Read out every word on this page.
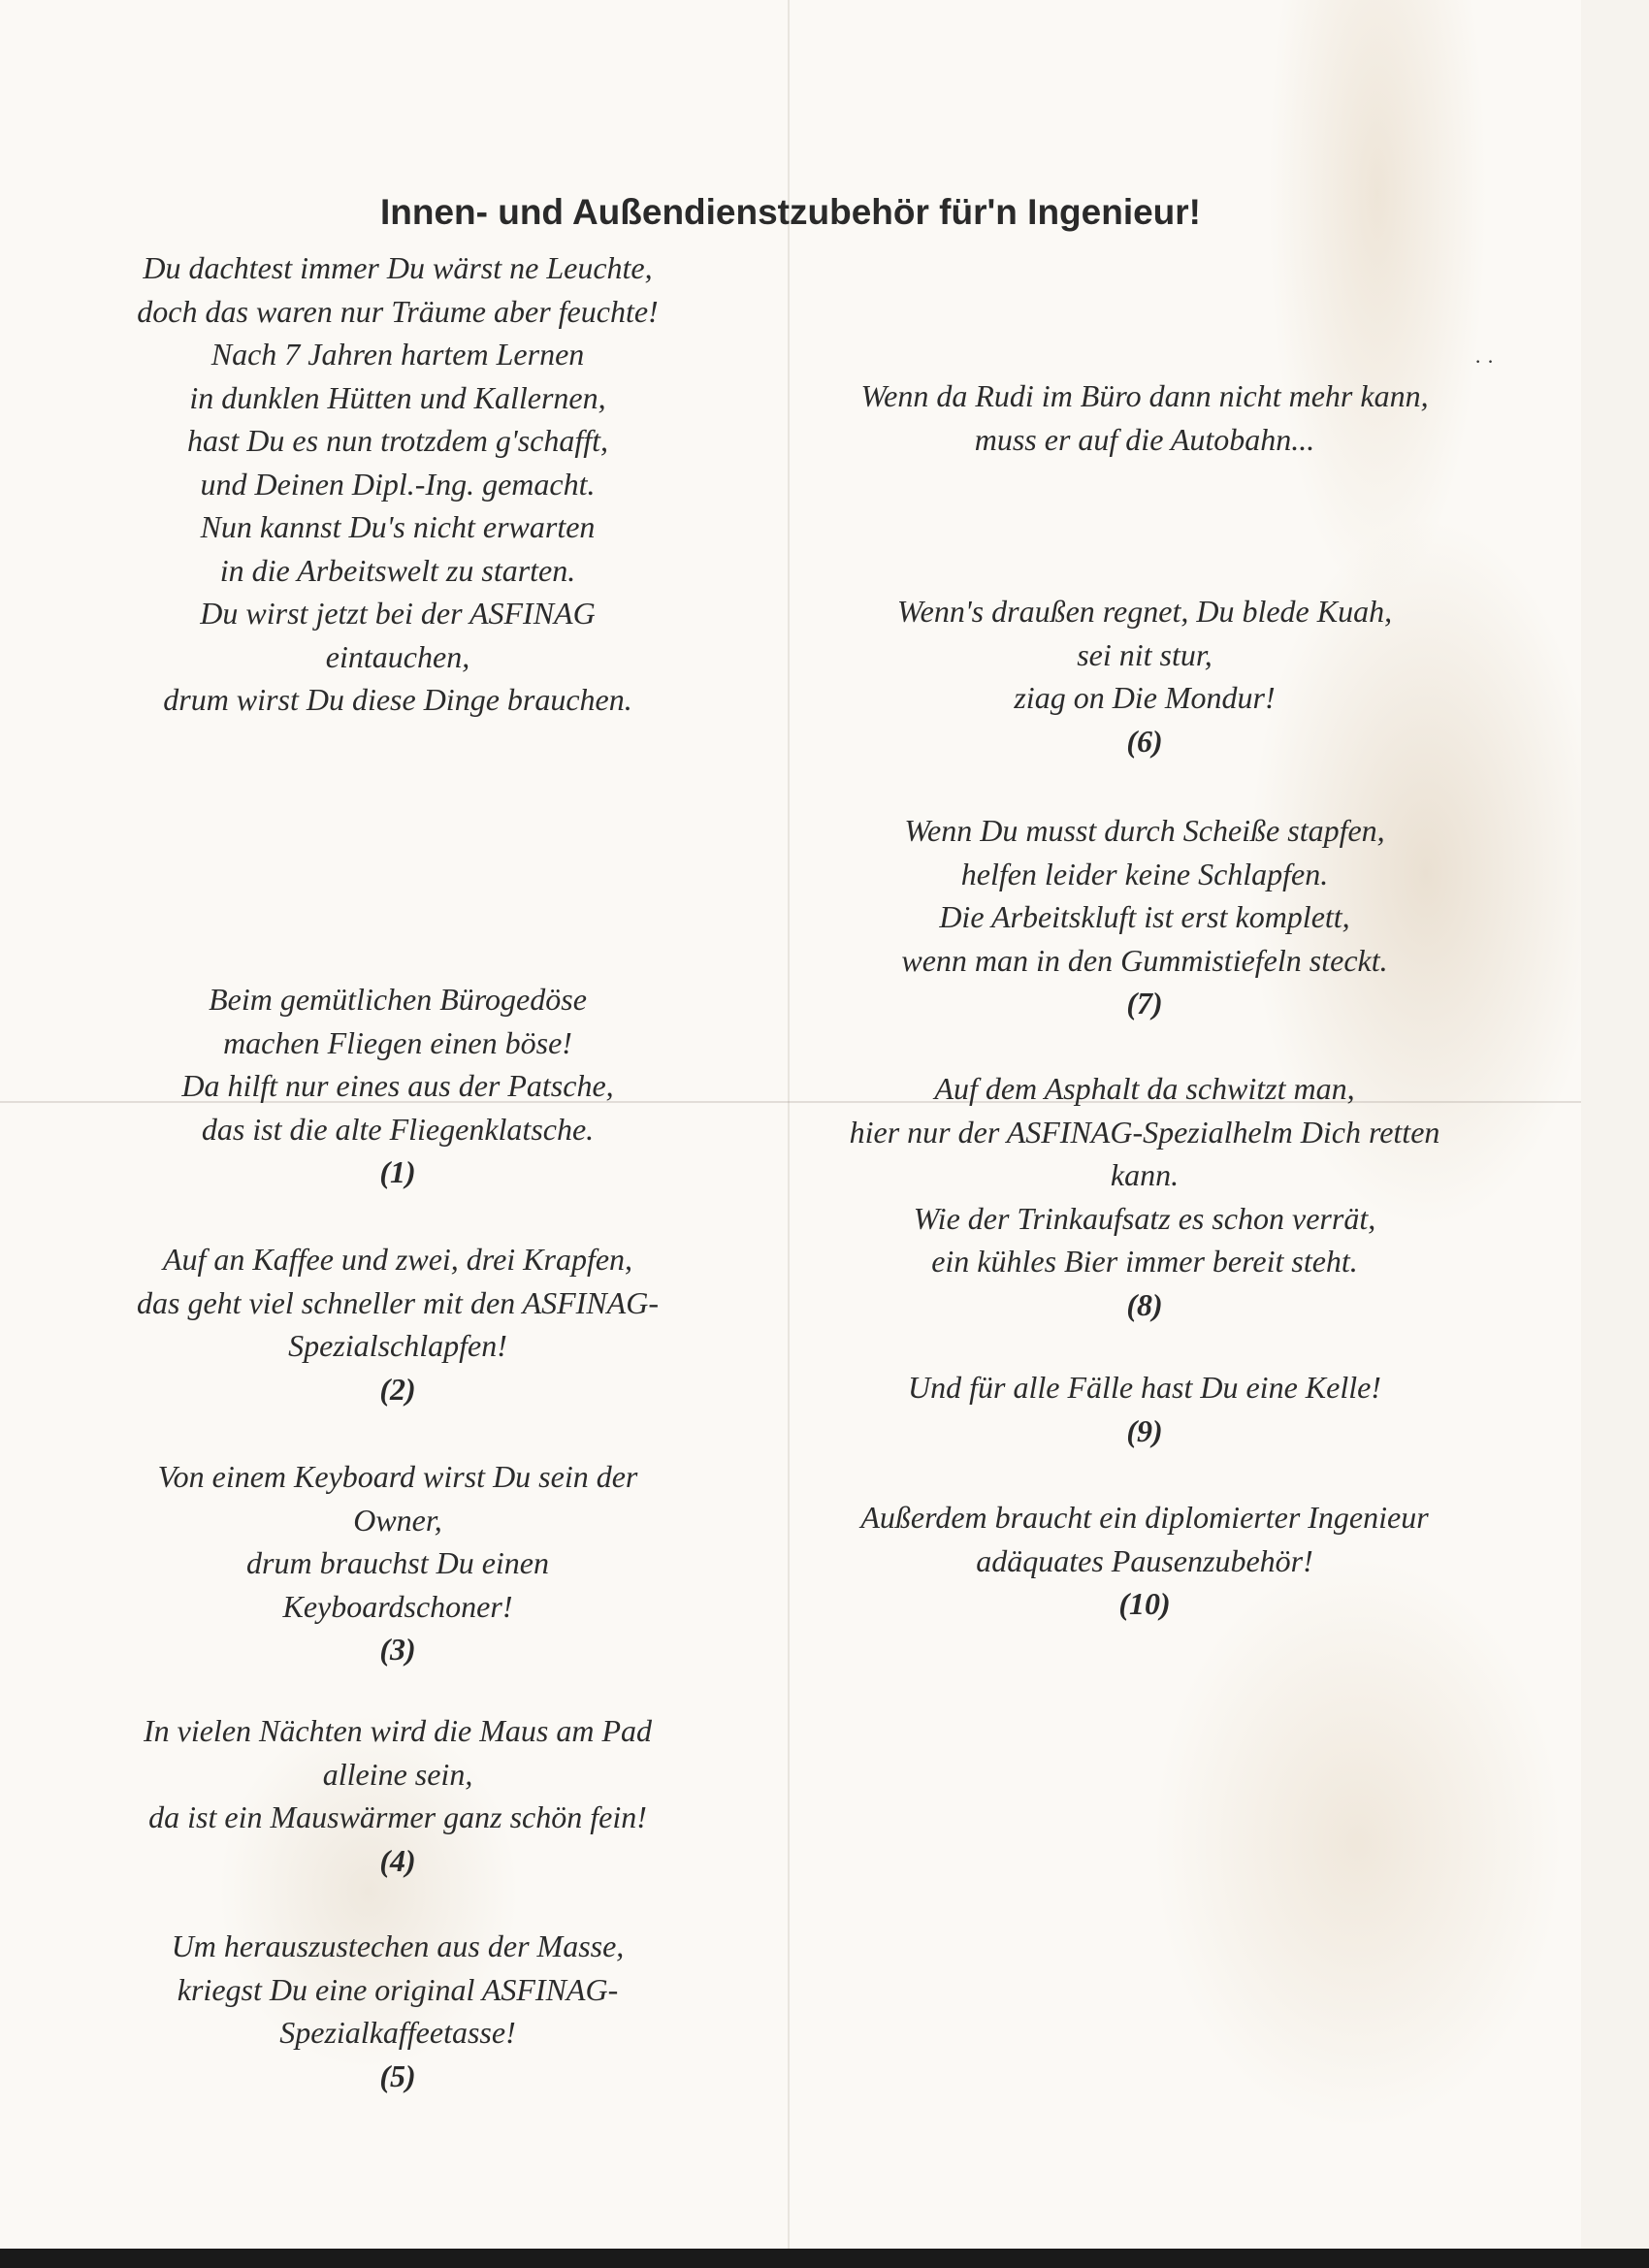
Innen- und Außendienstzubehör für'n Ingenieur!

Du dachtest immer Du wärst ne Leuchte,

doch das waren nur Träume aber feuchte!

Nach 7 Jahren hartem Lernen

in dunklen Hütten und Kallernen,

hast Du es nun trotzdem g'schafft,

und Deinen Dipl.-Ing. gemacht.

Nun kannst Du's nicht erwarten

in die Arbeitswelt zu starten.

Du wirst jetzt bei der ASFINAG

eintauchen,

drum wirst Du diese Dinge brauchen.

Beim gemütlichen Bürogedöse

machen Fliegen einen böse!

Da hilft nur eines aus der Patsche,

das ist die alte Fliegenklatsche.

(1)

Auf an Kaffee und zwei, drei Krapfen,

das geht viel schneller mit den ASFINAG-

Spezialschlapfen!

(2)

Von einem Keyboard wirst Du sein der

Owner,

drum brauchst Du einen

Keyboardschoner!

(3)

In vielen Nächten wird die Maus am Pad

alleine sein,

da ist ein Mauswärmer ganz schön fein!

(4)

Um herauszustechen aus der Masse,

kriegst Du eine original ASFINAG-

Spezialkaffeetasse!

(5)

· ·

Wenn da Rudi im Büro dann nicht mehr kann,

muss er auf die Autobahn...

Wenn's draußen regnet, Du blede Kuah,

sei nit stur,

ziag on Die Mondur!

(6)

Wenn Du musst durch Scheiße stapfen,

helfen leider keine Schlapfen.

Die Arbeitskluft ist erst komplett,

wenn man in den Gummistiefeln steckt.

(7)

Auf dem Asphalt da schwitzt man,

hier nur der ASFINAG-Spezialhelm Dich retten

kann.

Wie der Trinkaufsatz es schon verrät,

ein kühles Bier immer bereit steht.

(8)

Und für alle Fälle hast Du eine Kelle!

(9)

Außerdem braucht ein diplomierter Ingenieur

adäquates Pausenzubehör!

(10)
